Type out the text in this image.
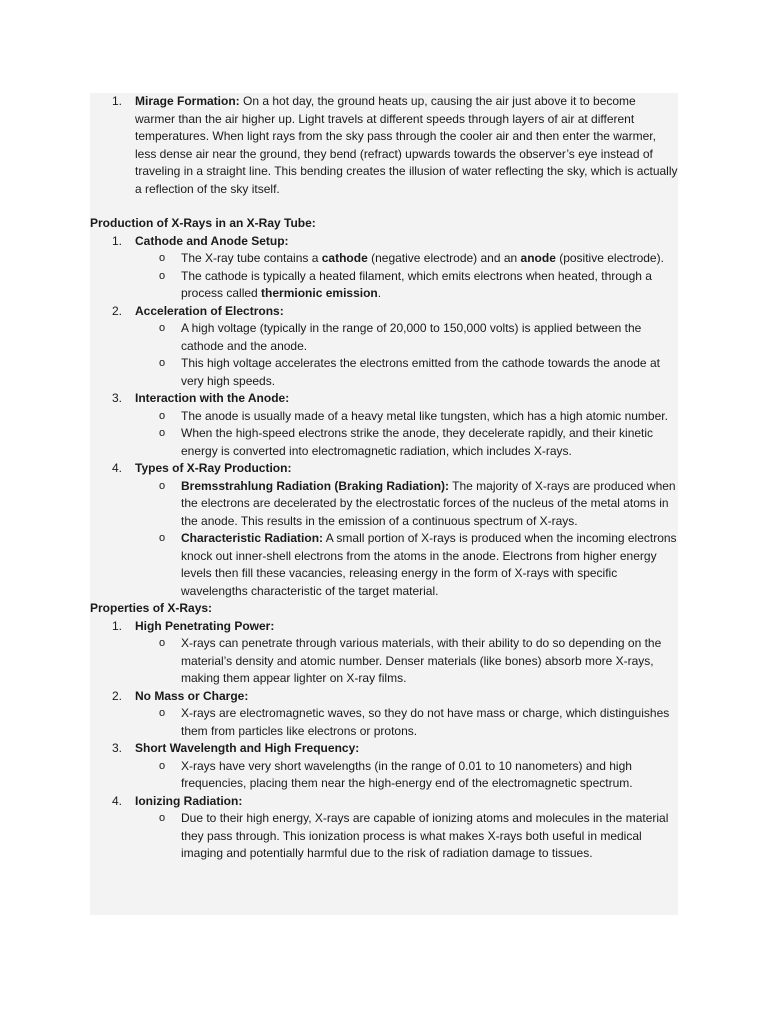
1. Mirage Formation: On a hot day, the ground heats up, causing the air just above it to become warmer than the air higher up. Light travels at different speeds through layers of air at different temperatures. When light rays from the sky pass through the cooler air and then enter the warmer, less dense air near the ground, they bend (refract) upwards towards the observer’s eye instead of traveling in a straight line. This bending creates the illusion of water reflecting the sky, which is actually a reflection of the sky itself.
Production of X-Rays in an X-Ray Tube:
1. Cathode and Anode Setup:
o The X-ray tube contains a cathode (negative electrode) and an anode (positive electrode).
o The cathode is typically a heated filament, which emits electrons when heated, through a process called thermionic emission.
2. Acceleration of Electrons:
o A high voltage (typically in the range of 20,000 to 150,000 volts) is applied between the cathode and the anode.
o This high voltage accelerates the electrons emitted from the cathode towards the anode at very high speeds.
3. Interaction with the Anode:
o The anode is usually made of a heavy metal like tungsten, which has a high atomic number.
o When the high-speed electrons strike the anode, they decelerate rapidly, and their kinetic energy is converted into electromagnetic radiation, which includes X-rays.
4. Types of X-Ray Production:
o Bremsstrahlung Radiation (Braking Radiation): The majority of X-rays are produced when the electrons are decelerated by the electrostatic forces of the nucleus of the metal atoms in the anode. This results in the emission of a continuous spectrum of X-rays.
o Characteristic Radiation: A small portion of X-rays is produced when the incoming electrons knock out inner-shell electrons from the atoms in the anode. Electrons from higher energy levels then fill these vacancies, releasing energy in the form of X-rays with specific wavelengths characteristic of the target material.
Properties of X-Rays:
1. High Penetrating Power:
o X-rays can penetrate through various materials, with their ability to do so depending on the material’s density and atomic number. Denser materials (like bones) absorb more X-rays, making them appear lighter on X-ray films.
2. No Mass or Charge:
o X-rays are electromagnetic waves, so they do not have mass or charge, which distinguishes them from particles like electrons or protons.
3. Short Wavelength and High Frequency:
o X-rays have very short wavelengths (in the range of 0.01 to 10 nanometers) and high frequencies, placing them near the high-energy end of the electromagnetic spectrum.
4. Ionizing Radiation:
o Due to their high energy, X-rays are capable of ionizing atoms and molecules in the material they pass through. This ionization process is what makes X-rays both useful in medical imaging and potentially harmful due to the risk of radiation damage to tissues.
